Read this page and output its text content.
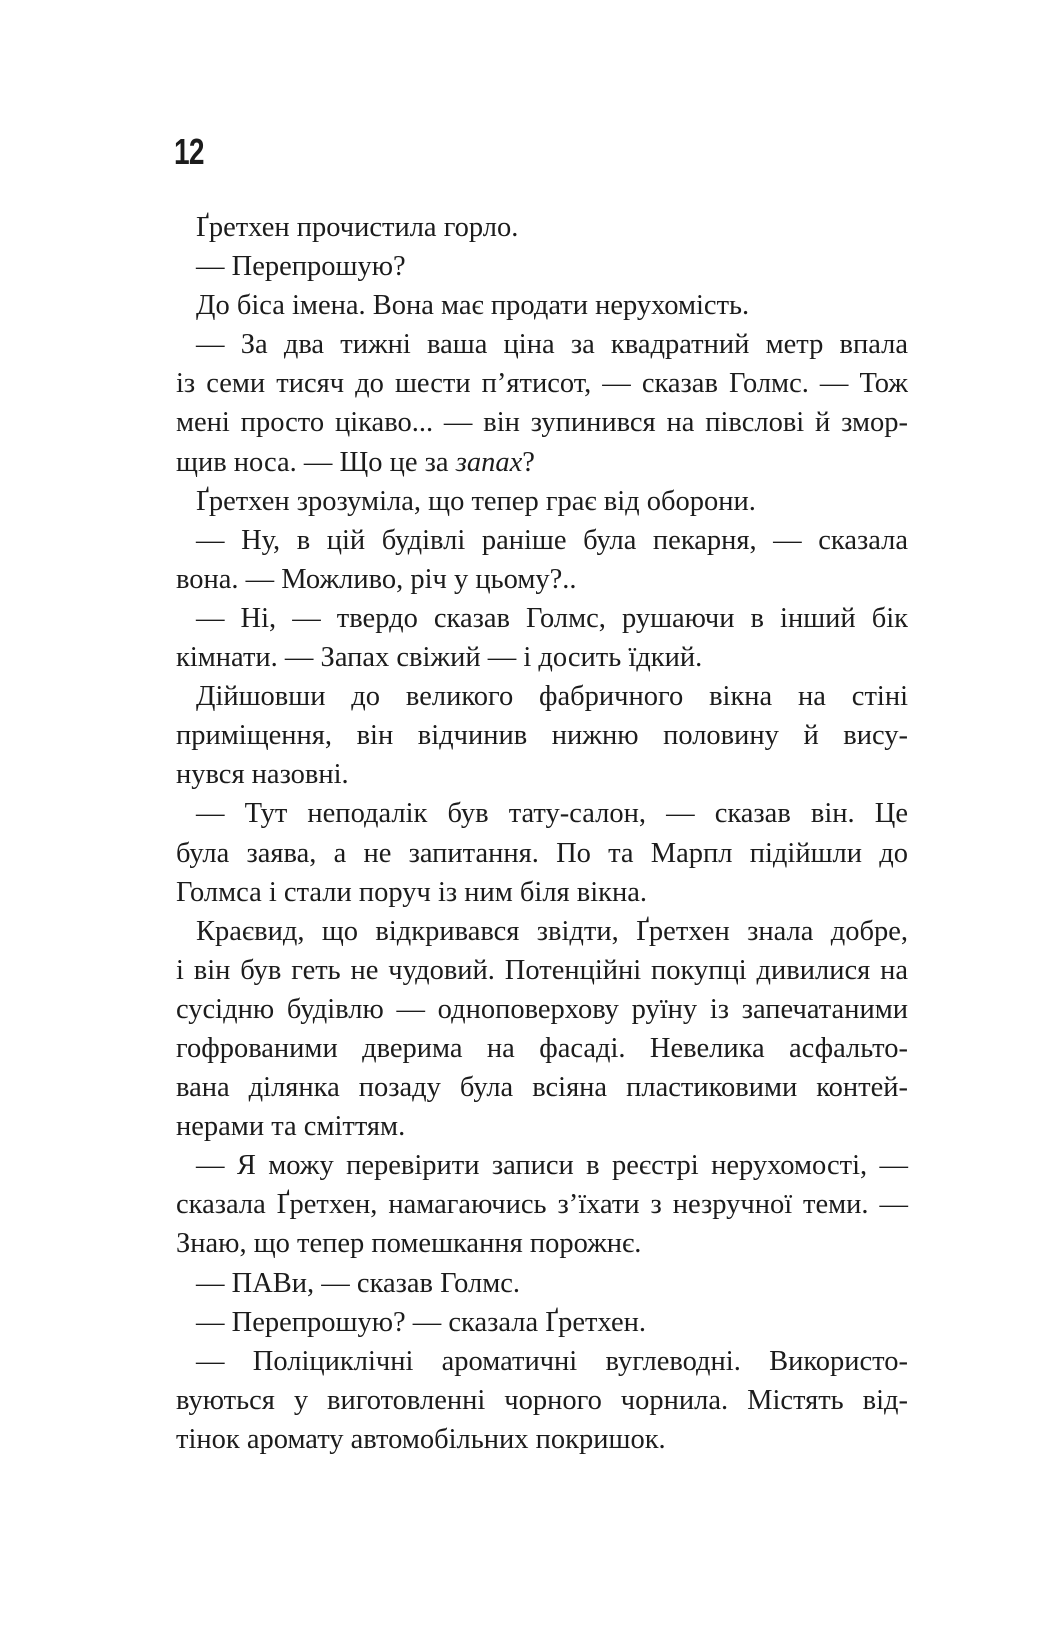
12
Ґретхен прочистила горло.
— Перепрошую?
До біса імена. Вона має продати нерухомість.
— За два тижні ваша ціна за квадратний метр впала
із семи тисяч до шести п’ятисот, — сказав Голмс. — Тож
мені просто цікаво... — він зупинився на півслові й змор-
щив носа. — Що це за запах?
Ґретхен зрозуміла, що тепер грає від оборони.
— Ну, в цій будівлі раніше була пекарня, — сказала
вона. — Можливо, річ у цьому?..
— Ні, — твердо сказав Голмс, рушаючи в інший бік
кімнати. — Запах свіжий — і досить їдкий.
Дійшовши до великого фабричного вікна на стіні
приміщення, він відчинив нижню половину й вису-
нувся назовні.
— Тут неподалік був тату-салон, — сказав він. Це
була заява, а не запитання. По та Марпл підійшли до
Голмса і стали поруч із ним біля вікна.
Краєвид, що відкривався звідти, Ґретхен знала добре,
і він був геть не чудовий. Потенційні покупці дивилися на
сусідню будівлю — одноповерхову руїну із запечатаними
гофрованими дверима на фасаді. Невелика асфальто-
вана ділянка позаду була всіяна пластиковими контей-
нерами та сміттям.
— Я можу перевірити записи в реєстрі нерухомості, —
сказала Ґретхен, намагаючись з’їхати з незручної теми. —
Знаю, що тепер помешкання порожнє.
— ПАВи, — сказав Голмс.
— Перепрошую? — сказала Ґретхен.
— Поліциклічні ароматичні вуглеводні. Використо-
вуються у виготовленні чорного чорнила. Містять від-
тінок аромату автомобільних покришок.
